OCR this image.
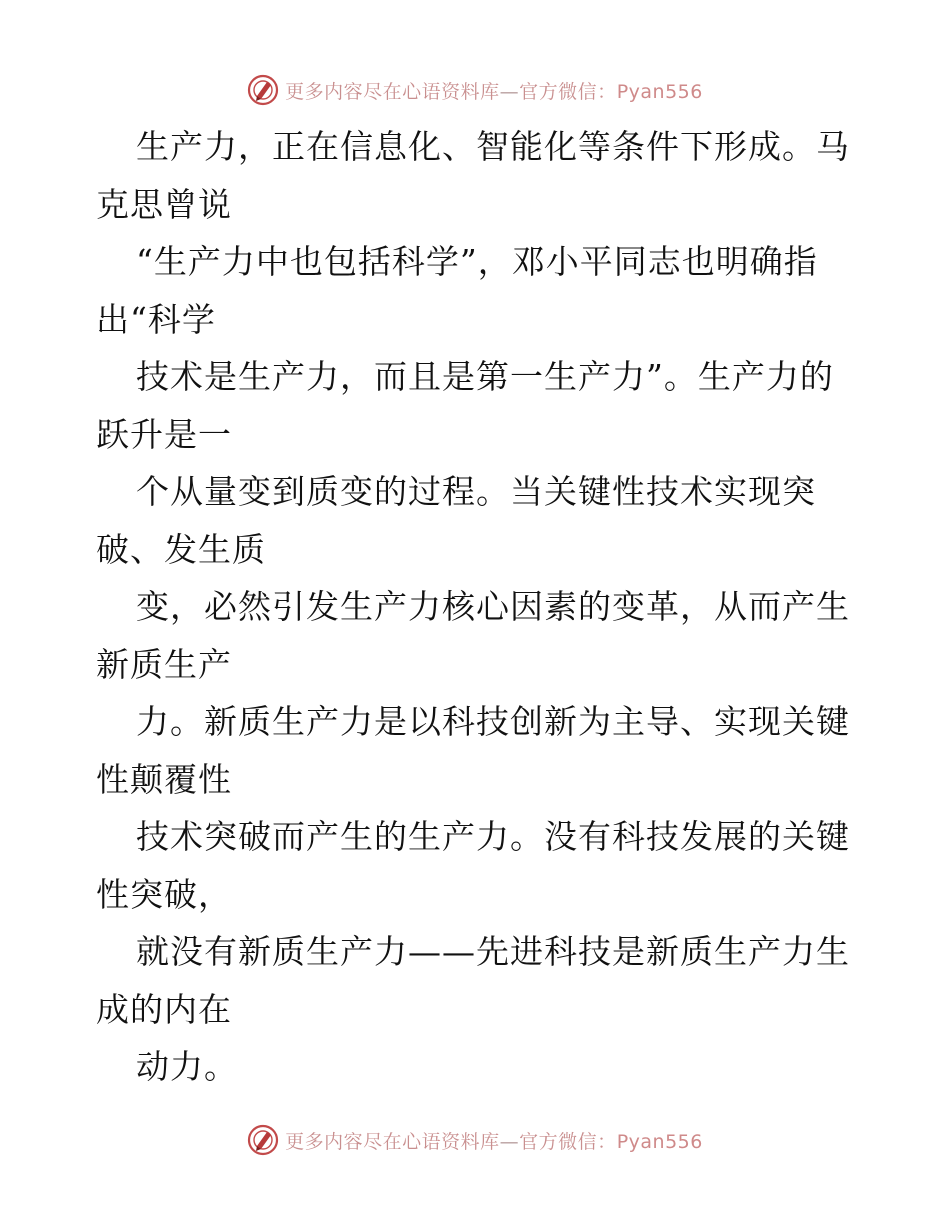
更多内容尽在心语资料库—官方微信：Pyan556
生产力，正在信息化、智能化等条件下形成。马
克思曾说
“生产力中也包括科学”，邓小平同志也明确指
出“科学
技术是生产力，而且是第一生产力”。生产力的
跃升是一
个从量变到质变的过程。当关键性技术实现突
破、发生质
变，必然引发生产力核心因素的变革，从而产生
新质生产
力。新质生产力是以科技创新为主导、实现关键
性颠覆性
技术突破而产生的生产力。没有科技发展的关键
性突破，
就没有新质生产力——先进科技是新质生产力生
成的内在
动力。
更多内容尽在心语资料库—官方微信：Pyan556
